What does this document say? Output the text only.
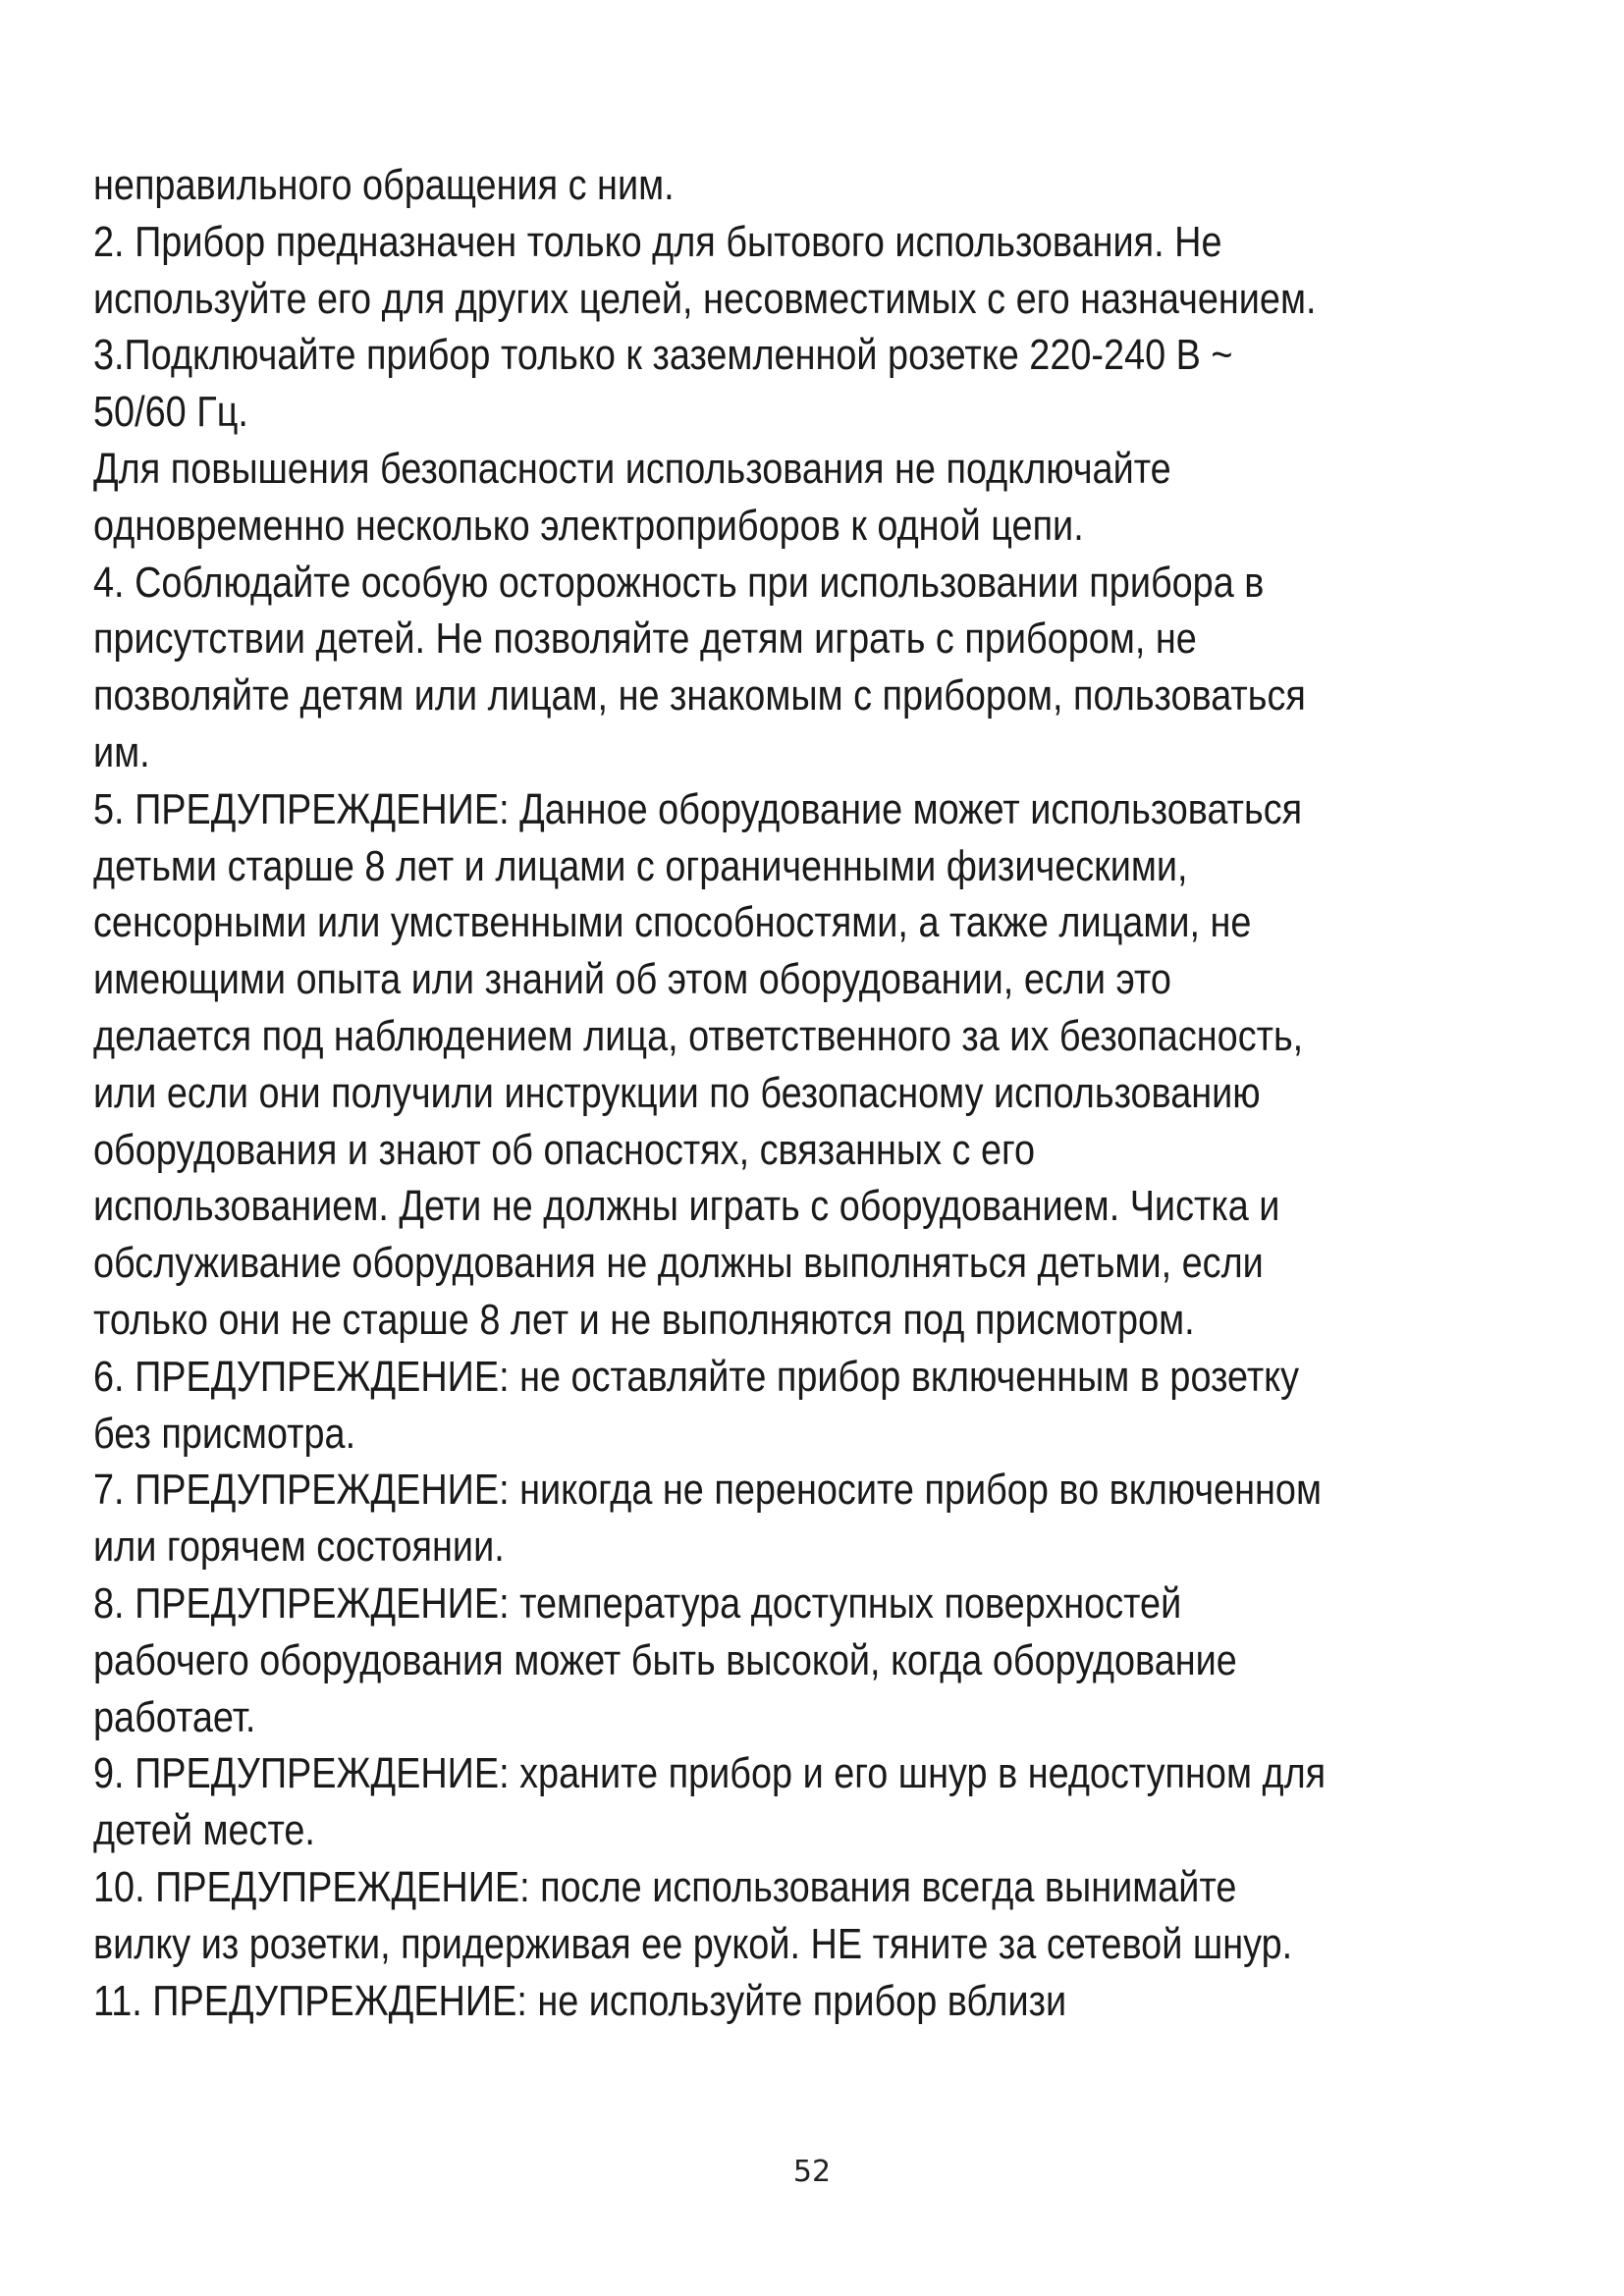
неправильного обращения с ним.
2. Прибор предназначен только для бытового использования. Не
используйте его для других целей, несовместимых с его назначением.
3.Подключайте прибор только к заземленной розетке 220-240 В ~
50/60 Гц.
Для повышения безопасности использования не подключайте
одновременно несколько электроприборов к одной цепи.
4. Соблюдайте особую осторожность при использовании прибора в
присутствии детей. Не позволяйте детям играть с прибором, не
позволяйте детям или лицам, не знакомым с прибором, пользоваться
им.
5. ПРЕДУПРЕЖДЕНИЕ: Данное оборудование может использоваться
детьми старше 8 лет и лицами с ограниченными физическими,
сенсорными или умственными способностями, а также лицами, не
имеющими опыта или знаний об этом оборудовании, если это
делается под наблюдением лица, ответственного за их безопасность,
или если они получили инструкции по безопасному использованию
оборудования и знают об опасностях, связанных с его
использованием. Дети не должны играть с оборудованием. Чистка и
обслуживание оборудования не должны выполняться детьми, если
только они не старше 8 лет и не выполняются под присмотром.
6. ПРЕДУПРЕЖДЕНИЕ: не оставляйте прибор включенным в розетку
без присмотра.
7. ПРЕДУПРЕЖДЕНИЕ: никогда не переносите прибор во включенном
или горячем состоянии.
8. ПРЕДУПРЕЖДЕНИЕ: температура доступных поверхностей
рабочего оборудования может быть высокой, когда оборудование
работает.
9. ПРЕДУПРЕЖДЕНИЕ: храните прибор и его шнур в недоступном для
детей месте.
10. ПРЕДУПРЕЖДЕНИЕ: после использования всегда вынимайте
вилку из розетки, придерживая ее рукой. НЕ тяните за сетевой шнур.
11. ПРЕДУПРЕЖДЕНИЕ: не используйте прибор вблизи
52
